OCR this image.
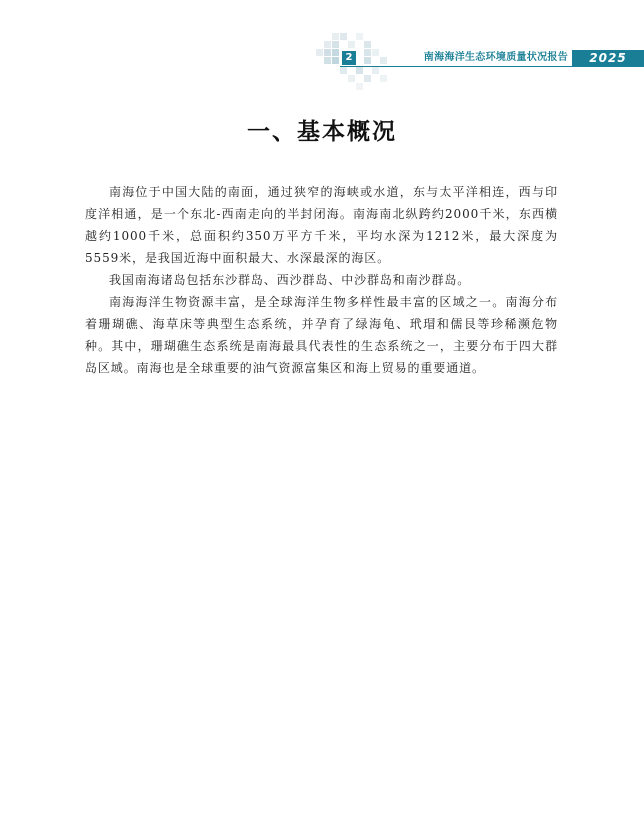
2	南海海洋生态环境质量状况报告	2025
一、基本概况

南海位于中国大陆的南面，通过狭窄的海峡或水道，东与太平洋相连，西与印度洋相通，是一个东北-西南走向的半封闭海。南海南北纵跨约2000千米，东西横越约1000千米，总面积约350万平方千米，平均水深为1212米，最大深度为5559米，是我国近海中面积最大、水深最深的海区。

我国南海诸岛包括东沙群岛、西沙群岛、中沙群岛和南沙群岛。

南海海洋生物资源丰富，是全球海洋生物多样性最丰富的区域之一。南海分布着珊瑚礁、海草床等典型生态系统，并孕育了绿海龟、玳瑁和儒艮等珍稀濒危物种。其中，珊瑚礁生态系统是南海最具代表性的生态系统之一，主要分布于四大群岛区域。南海也是全球重要的油气资源富集区和海上贸易的重要通道。
